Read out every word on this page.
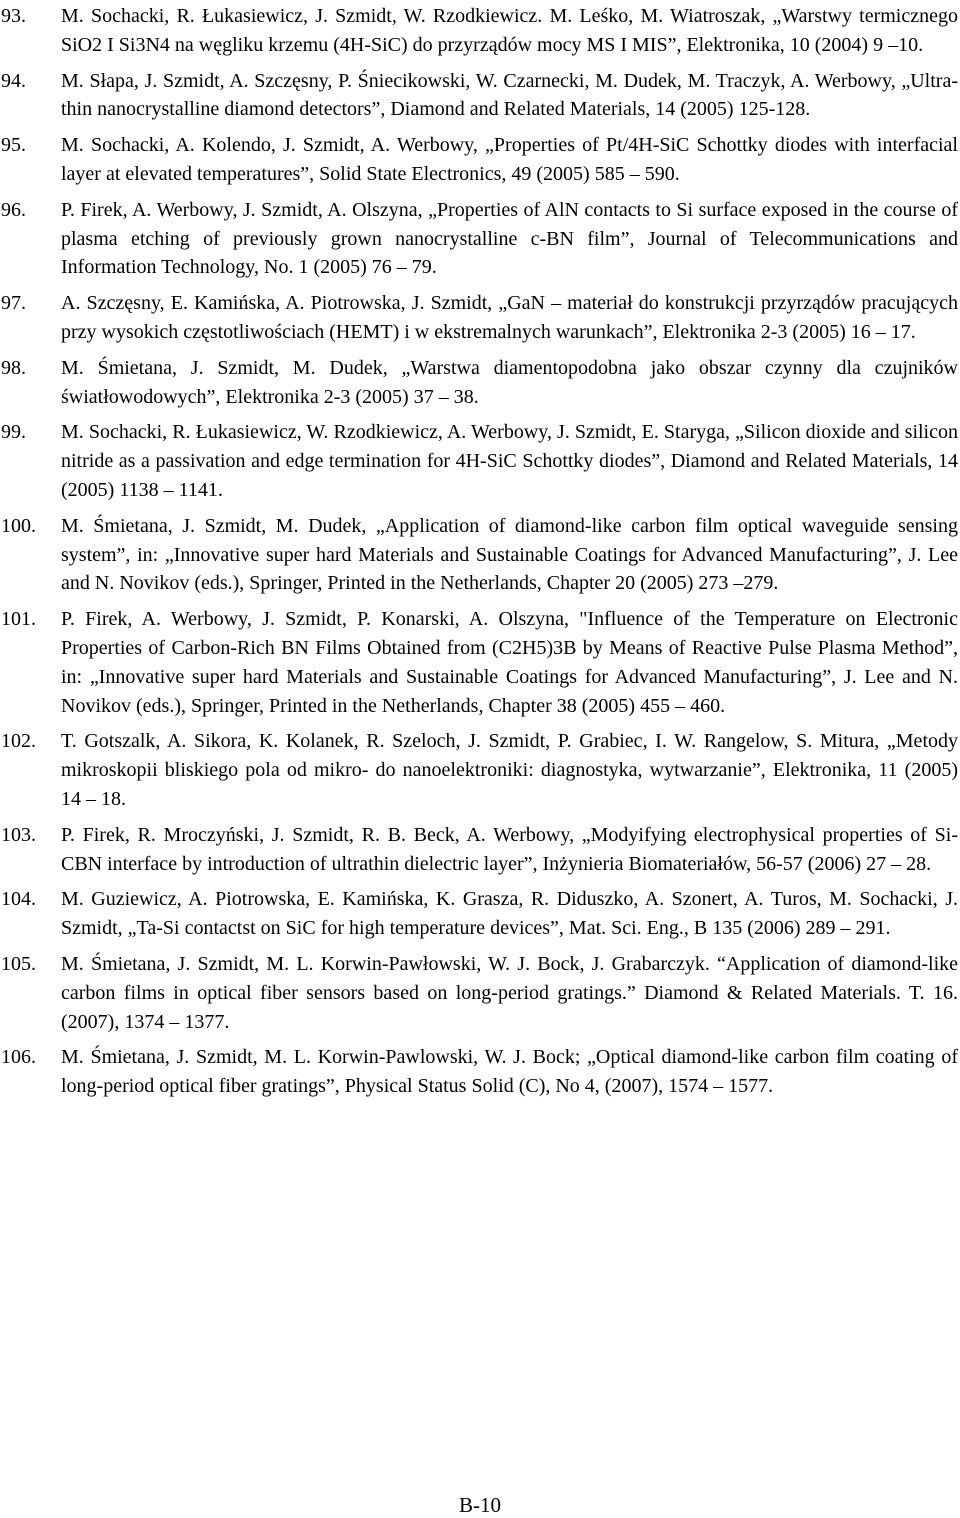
93.	M. Sochacki, R. Łukasiewicz, J. Szmidt, W. Rzodkiewicz. M. Leśko, M. Wiatroszak, „Warstwy termicznego SiO2 I Si3N4 na węgliku krzemu (4H-SiC) do przyrządów mocy MS I MIS”, Elektronika, 10 (2004) 9 –10.
94.	M. Słapa, J. Szmidt, A. Szczęsny, P. Śniecikowski, W. Czarnecki, M. Dudek, M. Traczyk, A. Werbowy, „Ultra-thin nanocrystalline diamond detectors”, Diamond and Related Materials, 14 (2005) 125-128.
95.	M. Sochacki, A. Kolendo, J. Szmidt, A. Werbowy, „Properties of Pt/4H-SiC Schottky diodes with interfacial layer at elevated temperatures”, Solid State Electronics, 49 (2005) 585 – 590.
96.	P. Firek, A. Werbowy, J. Szmidt, A. Olszyna, „Properties of AlN contacts to Si surface exposed in the course of plasma etching of previously grown nanocrystalline c-BN film”, Journal of Telecommunications and Information Technology, No. 1 (2005) 76 – 79.
97.	A. Szczęsny, E. Kamińska, A. Piotrowska, J. Szmidt, „GaN – materiał do konstrukcji przyrządów pracujących przy wysokich częstotliwościach (HEMT) i w ekstremalnych warunkach”, Elektronika 2-3 (2005) 16 – 17.
98.	M. Śmietana, J. Szmidt, M. Dudek, „Warstwa diamentopodobna jako obszar czynny dla czujników światłowodowych”, Elektronika 2-3 (2005) 37 – 38.
99.	M. Sochacki, R. Łukasiewicz, W. Rzodkiewicz, A. Werbowy, J. Szmidt, E. Staryga, „Silicon dioxide and silicon nitride as a passivation and edge termination for 4H-SiC Schottky diodes”, Diamond and Related Materials, 14 (2005) 1138 – 1141.
100.	M. Śmietana, J. Szmidt, M. Dudek, „Application of diamond-like carbon film optical waveguide sensing system”, in: „Innovative super hard Materials and Sustainable Coatings for Advanced Manufacturing”, J. Lee and N. Novikov (eds.), Springer, Printed in the Netherlands, Chapter 20 (2005) 273 –279.
101.	P. Firek, A. Werbowy, J. Szmidt, P. Konarski, A. Olszyna, "Influence of the Temperature on Electronic Properties of Carbon-Rich BN Films Obtained from (C2H5)3B by Means of Reactive Pulse Plasma Method”, in: „Innovative super hard Materials and Sustainable Coatings for Advanced Manufacturing”, J. Lee and N. Novikov (eds.), Springer, Printed in the Netherlands, Chapter 38 (2005) 455 – 460.
102.	T. Gotszalk, A. Sikora, K. Kolanek, R. Szeloch, J. Szmidt, P. Grabiec, I. W. Rangelow, S. Mitura, „Metody mikroskopii bliskiego pola od mikro- do nanoelektroniki: diagnostyka, wytwarzanie”, Elektronika, 11 (2005) 14 – 18.
103.	P. Firek, R. Mroczyński, J. Szmidt, R. B. Beck, A. Werbowy, „Modyifying electrophysical properties of Si-CBN interface by introduction of ultrathin dielectric layer”, Inżynieria Biomateriałów, 56-57 (2006) 27 – 28.
104.	M. Guziewicz, A. Piotrowska, E. Kamińska, K. Grasza, R. Diduszko, A. Szonert, A. Turos, M. Sochacki, J. Szmidt, „Ta-Si contactst on SiC for high temperature devices”, Mat. Sci. Eng., B 135 (2006) 289 – 291.
105.	M. Śmietana, J. Szmidt, M. L. Korwin-Pawłowski, W. J. Bock, J. Grabarczyk. “Application of diamond-like carbon films in optical fiber sensors based on long-period gratings.” Diamond & Related Materials. T. 16. (2007), 1374 – 1377.
106.	M. Śmietana, J. Szmidt, M. L. Korwin-Pawlowski, W. J. Bock; „Optical diamond-like carbon film coating of long-period optical fiber gratings”, Physical Status Solid (C), No 4, (2007), 1574 – 1577.
B-10
